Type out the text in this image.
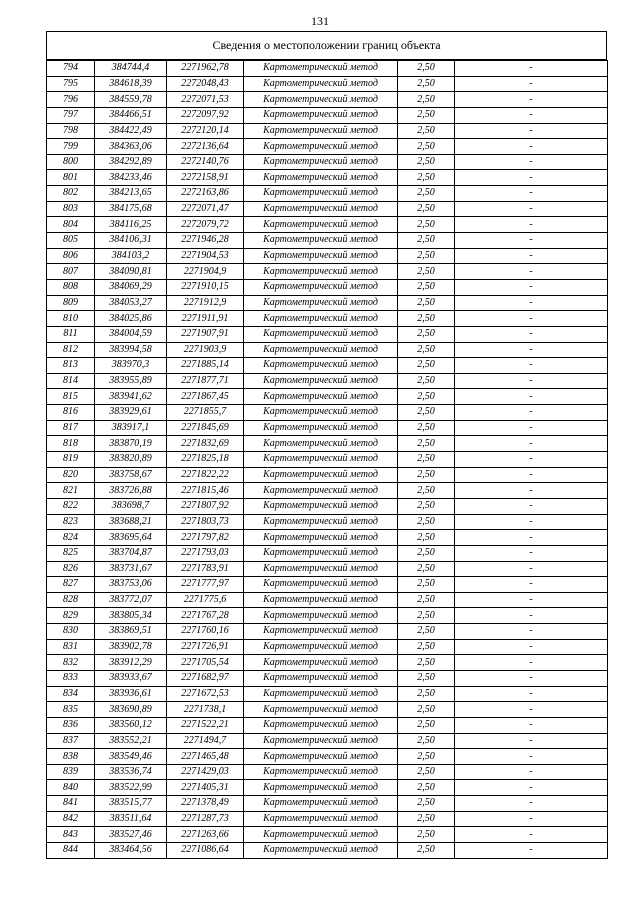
131
Сведения о местоположении границ объекта
794	384744,4	2271962,78	Картометрический метод	2,50	-
795	384618,39	2272048,43	Картометрический метод	2,50	-
796	384559,78	2272071,53	Картометрический метод	2,50	-
797	384466,51	2272097,92	Картометрический метод	2,50	-
798	384422,49	2272120,14	Картометрический метод	2,50	-
799	384363,06	2272136,64	Картометрический метод	2,50	-
800	384292,89	2272140,76	Картометрический метод	2,50	-
801	384233,46	2272158,91	Картометрический метод	2,50	-
802	384213,65	2272163,86	Картометрический метод	2,50	-
803	384175,68	2272071,47	Картометрический метод	2,50	-
804	384116,25	2272079,72	Картометрический метод	2,50	-
805	384106,31	2271946,28	Картометрический метод	2,50	-
806	384103,2	2271904,53	Картометрический метод	2,50	-
807	384090,81	2271904,9	Картометрический метод	2,50	-
808	384069,29	2271910,15	Картометрический метод	2,50	-
809	384053,27	2271912,9	Картометрический метод	2,50	-
810	384025,86	2271911,91	Картометрический метод	2,50	-
811	384004,59	2271907,91	Картометрический метод	2,50	-
812	383994,58	2271903,9	Картометрический метод	2,50	-
813	383970,3	2271885,14	Картометрический метод	2,50	-
814	383955,89	2271877,71	Картометрический метод	2,50	-
815	383941,62	2271867,45	Картометрический метод	2,50	-
816	383929,61	2271855,7	Картометрический метод	2,50	-
817	383917,1	2271845,69	Картометрический метод	2,50	-
818	383870,19	2271832,69	Картометрический метод	2,50	-
819	383820,89	2271825,18	Картометрический метод	2,50	-
820	383758,67	2271822,22	Картометрический метод	2,50	-
821	383726,88	2271815,46	Картометрический метод	2,50	-
822	383698,7	2271807,92	Картометрический метод	2,50	-
823	383688,21	2271803,73	Картометрический метод	2,50	-
824	383695,64	2271797,82	Картометрический метод	2,50	-
825	383704,87	2271793,03	Картометрический метод	2,50	-
826	383731,67	2271783,91	Картометрический метод	2,50	-
827	383753,06	2271777,97	Картометрический метод	2,50	-
828	383772,07	2271775,6	Картометрический метод	2,50	-
829	383805,34	2271767,28	Картометрический метод	2,50	-
830	383869,51	2271760,16	Картометрический метод	2,50	-
831	383902,78	2271726,91	Картометрический метод	2,50	-
832	383912,29	2271705,54	Картометрический метод	2,50	-
833	383933,67	2271682,97	Картометрический метод	2,50	-
834	383936,61	2271672,53	Картометрический метод	2,50	-
835	383690,89	2271738,1	Картометрический метод	2,50	-
836	383560,12	2271522,21	Картометрический метод	2,50	-
837	383552,21	2271494,7	Картометрический метод	2,50	-
838	383549,46	2271465,48	Картометрический метод	2,50	-
839	383536,74	2271429,03	Картометрический метод	2,50	-
840	383522,99	2271405,31	Картометрический метод	2,50	-
841	383515,77	2271378,49	Картометрический метод	2,50	-
842	383511,64	2271287,73	Картометрический метод	2,50	-
843	383527,46	2271263,66	Картометрический метод	2,50	-
844	383464,56	2271086,64	Картометрический метод	2,50	-
